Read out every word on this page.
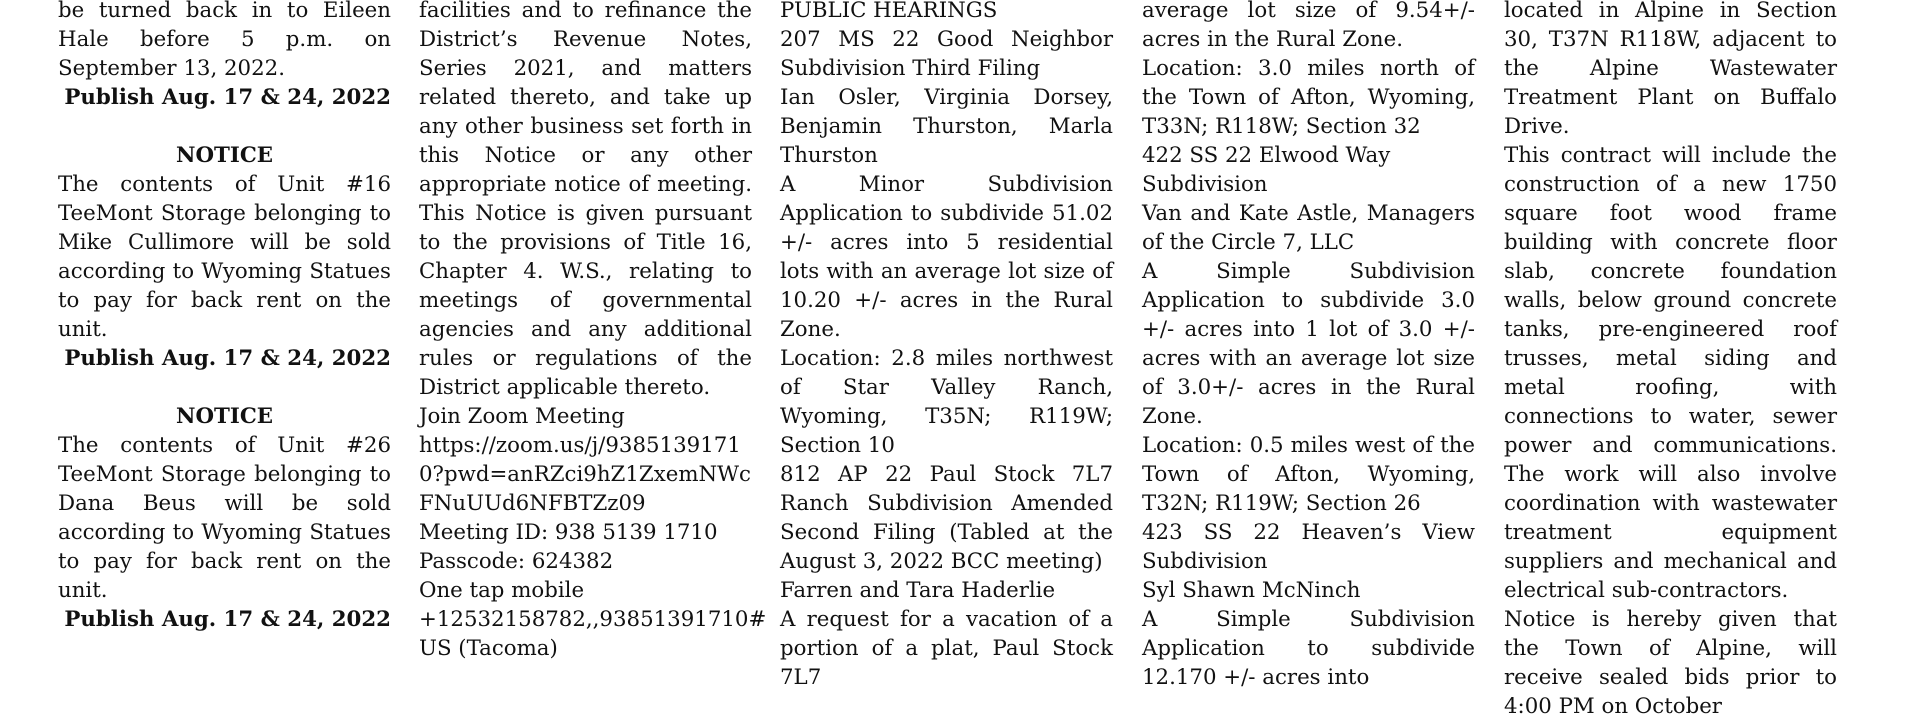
be turned back in to Eileen Hale before 5 p.m. on September 13, 2022.

Publish Aug. 17 & 24, 2022

NOTICE

The contents of Unit #16 TeeMont Storage belonging to Mike Cullimore will be sold according to Wyoming Statues to pay for back rent on the unit.

Publish Aug. 17 & 24, 2022

NOTICE

The contents of Unit #26 TeeMont Storage belonging to Dana Beus will be sold according to Wyoming Statues to pay for back rent on the unit.

Publish Aug. 17 & 24, 2022

facilities and to refinance the District’s Revenue Notes, Series 2021, and matters related thereto, and take up any other business set forth in this Notice or any other appropriate notice of meeting. This Notice is given pursuant to the provisions of Title 16, Chapter 4. W.S., relating to meetings of governmental agencies and any additional rules or regulations of the District applicable thereto.

Join Zoom Meeting

https://zoom.us/j/93851391710?pwd=anRZci9hZ1ZxemNWcFNuUUd6NFBTZz09

Meeting ID: 938 5139 1710

Passcode: 624382

One tap mobile

+12532158782,,93851391710# US (Tacoma)

PUBLIC HEARINGS

207 MS 22 Good Neighbor Subdivision Third Filing

Ian Osler, Virginia Dorsey, Benjamin Thurston, Marla Thurston

A Minor Subdivision Application to subdivide 51.02 +/- acres into 5 residential lots with an average lot size of 10.20 +/- acres in the Rural Zone.

Location: 2.8 miles northwest of Star Valley Ranch, Wyoming, T35N; R119W; Section 10

812 AP 22 Paul Stock 7L7 Ranch Subdivision Amended Second Filing (Tabled at the August 3, 2022 BCC meeting)

Farren and Tara Haderlie

A request for a vacation of a portion of a plat, Paul Stock 7L7

average lot size of 9.54+/- acres in the Rural Zone.

Location: 3.0 miles north of the Town of Afton, Wyoming, T33N; R118W; Section 32

422 SS 22 Elwood Way Subdivision

Van and Kate Astle, Managers of the Circle 7, LLC

A Simple Subdivision Application to subdivide 3.0 +/- acres into 1 lot of 3.0 +/- acres with an average lot size of 3.0+/- acres in the Rural Zone.

Location: 0.5 miles west of the Town of Afton, Wyoming, T32N; R119W; Section 26

423 SS 22 Heaven’s View Subdivision

Syl Shawn McNinch

A Simple Subdivision Application to subdivide 12.170 +/- acres into

located in Alpine in Section 30, T37N R118W, adjacent to the Alpine Wastewater Treatment Plant on Buffalo Drive.

This contract will include the construction of a new 1750 square foot wood frame building with concrete floor slab, concrete foundation walls, below ground concrete tanks, pre-engineered roof trusses, metal siding and metal roofing, with connections to water, sewer power and communications. The work will also involve coordination with wastewater treatment equipment suppliers and mechanical and electrical sub-contractors.

Notice is hereby given that the Town of Alpine, will receive sealed bids prior to 4:00 PM on October
